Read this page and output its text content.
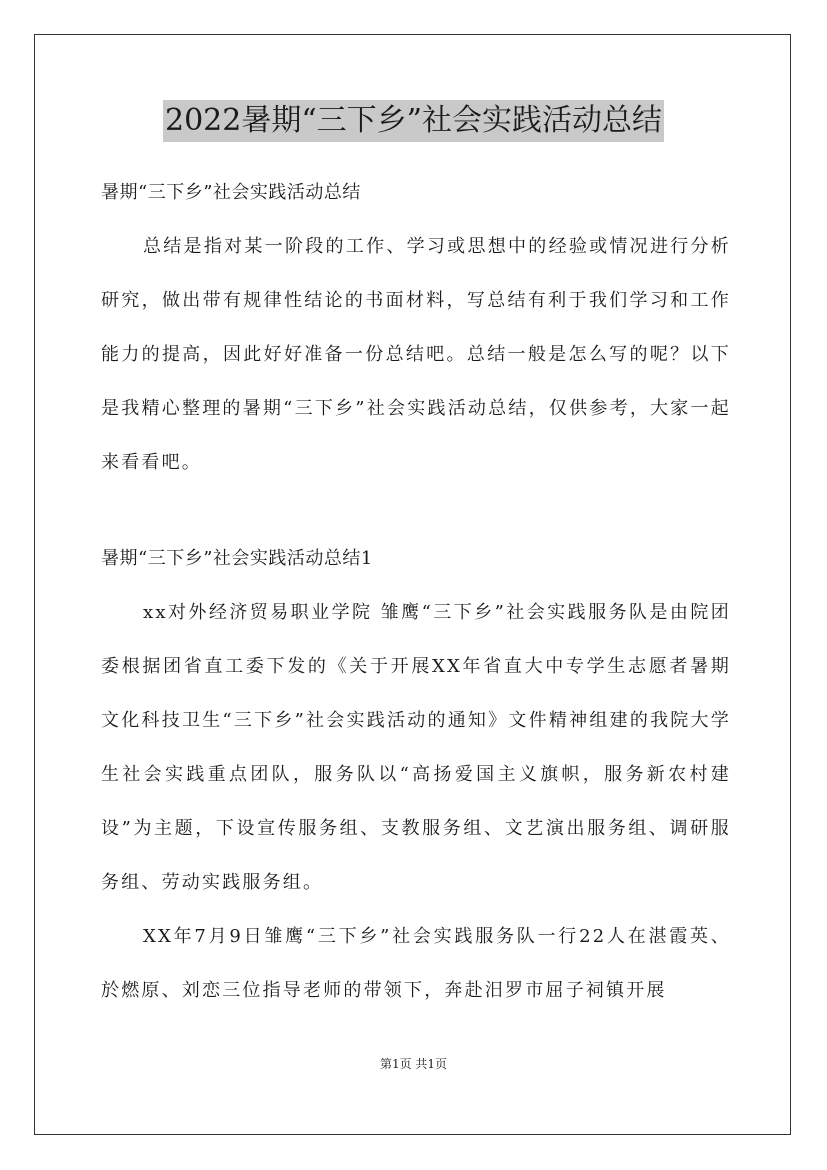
2022暑期“三下乡”社会实践活动总结

暑期“三下乡”社会实践活动总结

总结是指对某一阶段的工作、学习或思想中的经验或情况进行分析研究，做出带有规律性结论的书面材料，写总结有利于我们学习和工作能力的提高，因此好好准备一份总结吧。总结一般是怎么写的呢？以下是我精心整理的暑期“三下乡”社会实践活动总结，仅供参考，大家一起来看看吧。

暑期“三下乡”社会实践活动总结1

xx对外经济贸易职业学院 雏鹰“三下乡”社会实践服务队是由院团委根据团省直工委下发的《关于开展XX年省直大中专学生志愿者暑期文化科技卫生“三下乡”社会实践活动的通知》文件精神组建的我院大学生社会实践重点团队，服务队以“高扬爱国主义旗帜，服务新农村建设”为主题，下设宣传服务组、支教服务组、文艺演出服务组、调研服务组、劳动实践服务组。

XX年7月9日雏鹰“三下乡”社会实践服务队一行22人在湛霞英、於燃原、刘恋三位指导老师的带领下，奔赴汨罗市屈子祠镇开展

第1页 共1页
